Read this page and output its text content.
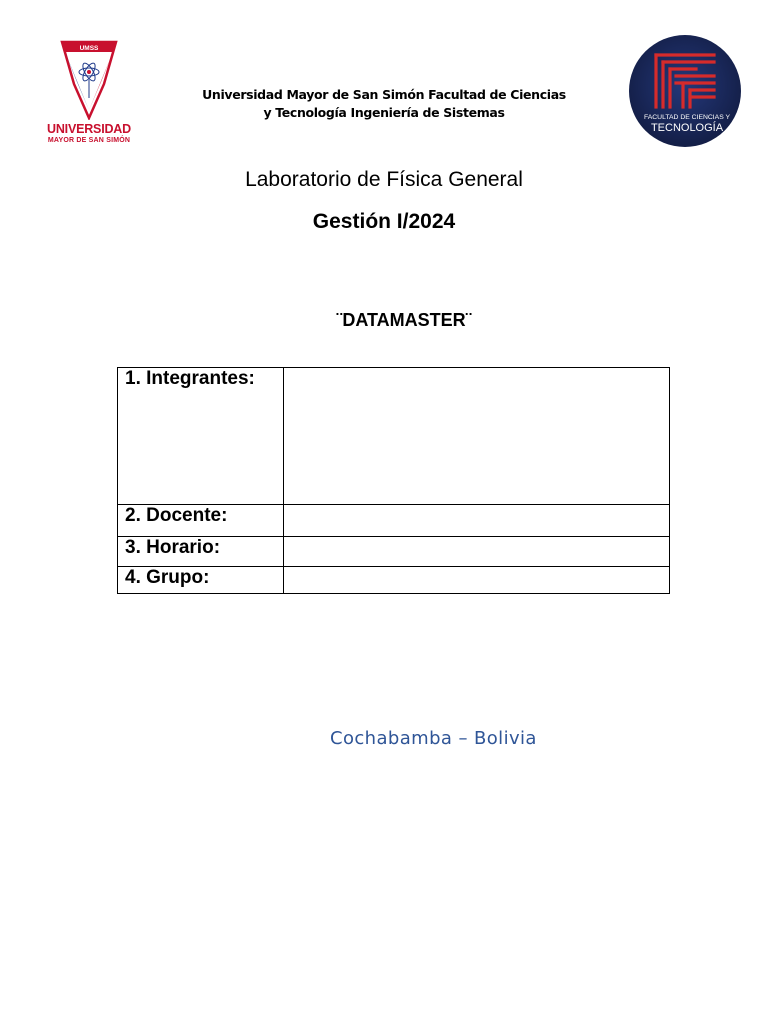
UMSS
UNIVERSIDAD
MAYOR DE SAN SIMÓN
Universidad Mayor de San Simón Facultad de Ciencias
y Tecnología Ingeniería de Sistemas	FACULTAD DE CIENCIAS Y
TECNOLOGÍA
Laboratorio de Física General
Gestión I/2024
¨DATAMASTER¨
1. Integrantes:	

2. Docente:	

3. Horario:	

4. Grupo:	

Cochabamba – Bolivia
